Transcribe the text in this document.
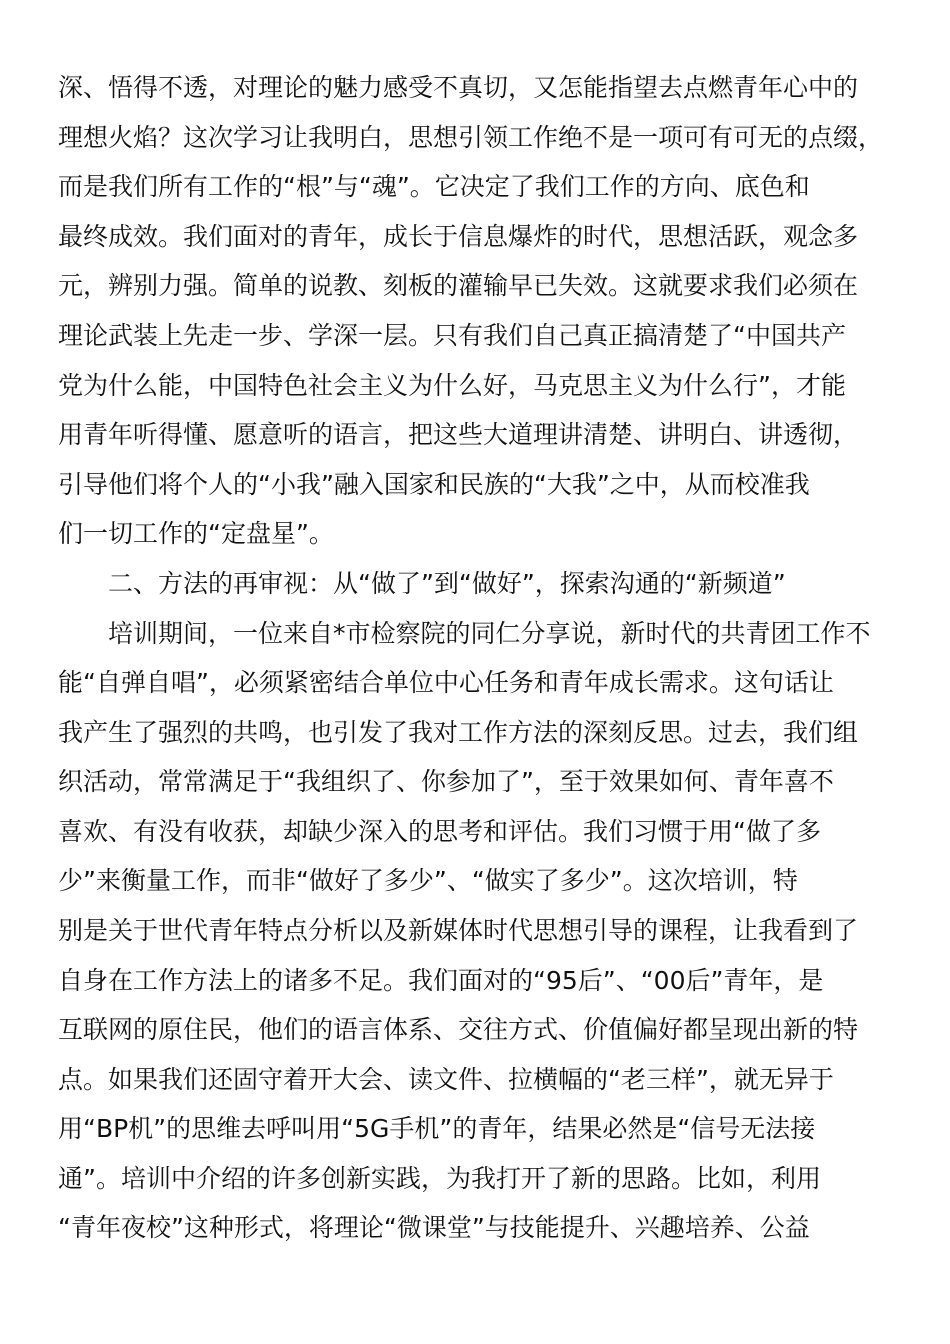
深、悟得不透，对理论的魅力感受不真切，又怎能指望去点燃青年心中的
理想火焰？这次学习让我明白，思想引领工作绝不是一项可有可无的点缀，
而是我们所有工作的“根”与“魂”。它决定了我们工作的方向、底色和
最终成效。我们面对的青年，成长于信息爆炸的时代，思想活跃，观念多
元，辨别力强。简单的说教、刻板的灌输早已失效。这就要求我们必须在
理论武装上先走一步、学深一层。只有我们自己真正搞清楚了“中国共产
党为什么能，中国特色社会主义为什么好，马克思主义为什么行”，才能
用青年听得懂、愿意听的语言，把这些大道理讲清楚、讲明白、讲透彻，
引导他们将个人的“小我”融入国家和民族的“大我”之中，从而校准我
们一切工作的“定盘星”。
二、方法的再审视：从“做了”到“做好”，探索沟通的“新频道”
培训期间，一位来自*市检察院的同仁分享说，新时代的共青团工作不
能“自弹自唱”，必须紧密结合单位中心任务和青年成长需求。这句话让
我产生了强烈的共鸣，也引发了我对工作方法的深刻反思。过去，我们组
织活动，常常满足于“我组织了、你参加了”，至于效果如何、青年喜不
喜欢、有没有收获，却缺少深入的思考和评估。我们习惯于用“做了多
少”来衡量工作，而非“做好了多少”、“做实了多少”。这次培训，特
别是关于世代青年特点分析以及新媒体时代思想引导的课程，让我看到了
自身在工作方法上的诸多不足。我们面对的“95后”、“00后”青年，是
互联网的原住民，他们的语言体系、交往方式、价值偏好都呈现出新的特
点。如果我们还固守着开大会、读文件、拉横幅的“老三样”，就无异于
用“BP机”的思维去呼叫用“5G手机”的青年，结果必然是“信号无法接
通”。培训中介绍的许多创新实践，为我打开了新的思路。比如，利用
“青年夜校”这种形式，将理论“微课堂”与技能提升、兴趣培养、公益
